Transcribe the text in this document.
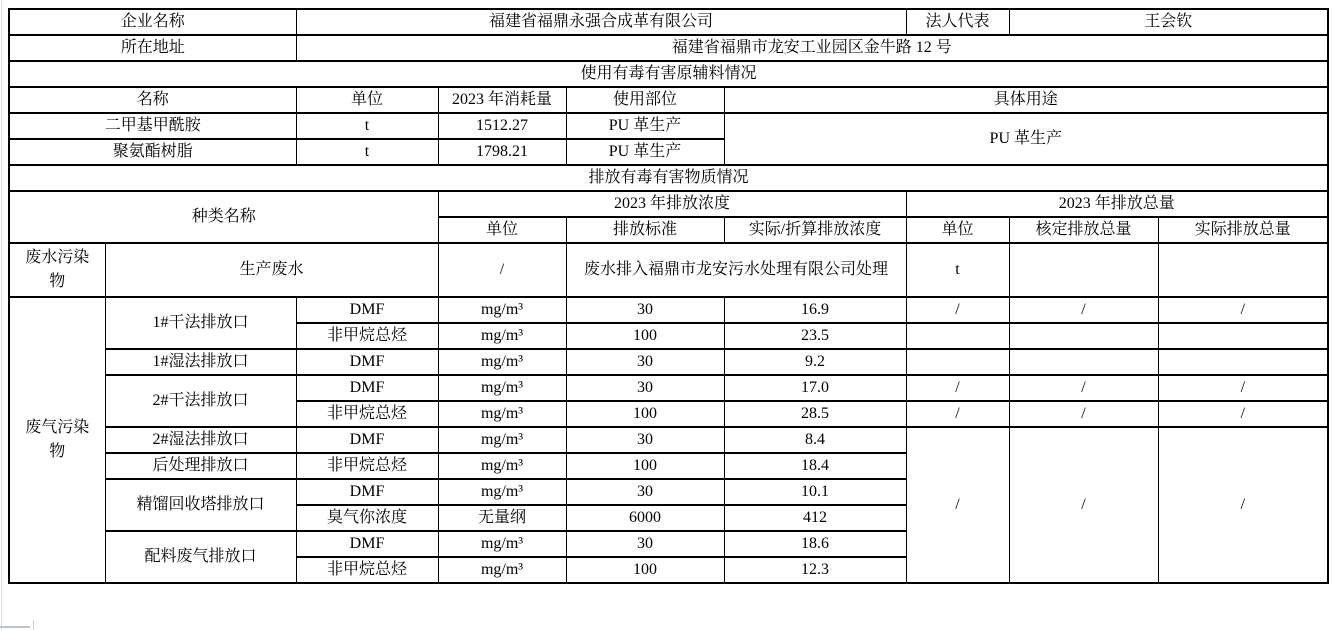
企业名称		福建省福鼎永强合成革有限公司				法人代表	王会钦	
所在地址		福建省福鼎市龙安工业园区金牛路 12 号						
使用有毒有害原辅料情况								
名称		单位	2023 年消耗量	使用部位	具体用途			
二甲基甲酰胺		t	1512.27	PU 革生产	PU 革生产			
聚氨酯树脂		t	1798.21	PU 革生产				
排放有毒有害物质情况								
种类名称			2023 年排放浓度			2023 年排放总量		
			单位	排放标准	实际/折算排放浓度	单位	核定排放总量	实际排放总量
废水污染物	生产废水		/	废水排入福鼎市龙安污水处理有限公司处理		t		
废气污染物	1#干法排放口	DMF	mg/m³	30	16.9	/	/	/
		非甲烷总烃	mg/m³	100	23.5			
	1#湿法排放口	DMF	mg/m³	30	9.2			
	2#干法排放口	DMF	mg/m³	30	17.0	/	/	/
		非甲烷总烃	mg/m³	100	28.5	/	/	/
	2#湿法排放口	DMF	mg/m³	30	8.4	/	/	/
	后处理排放口	非甲烷总烃	mg/m³	100	18.4			
	精馏回收塔排放口	DMF	mg/m³	30	10.1			
		臭气你浓度	无量纲	6000	412			
	配料废气排放口	DMF	mg/m³	30	18.6			
		非甲烷总烃	mg/m³	100	12.3			
